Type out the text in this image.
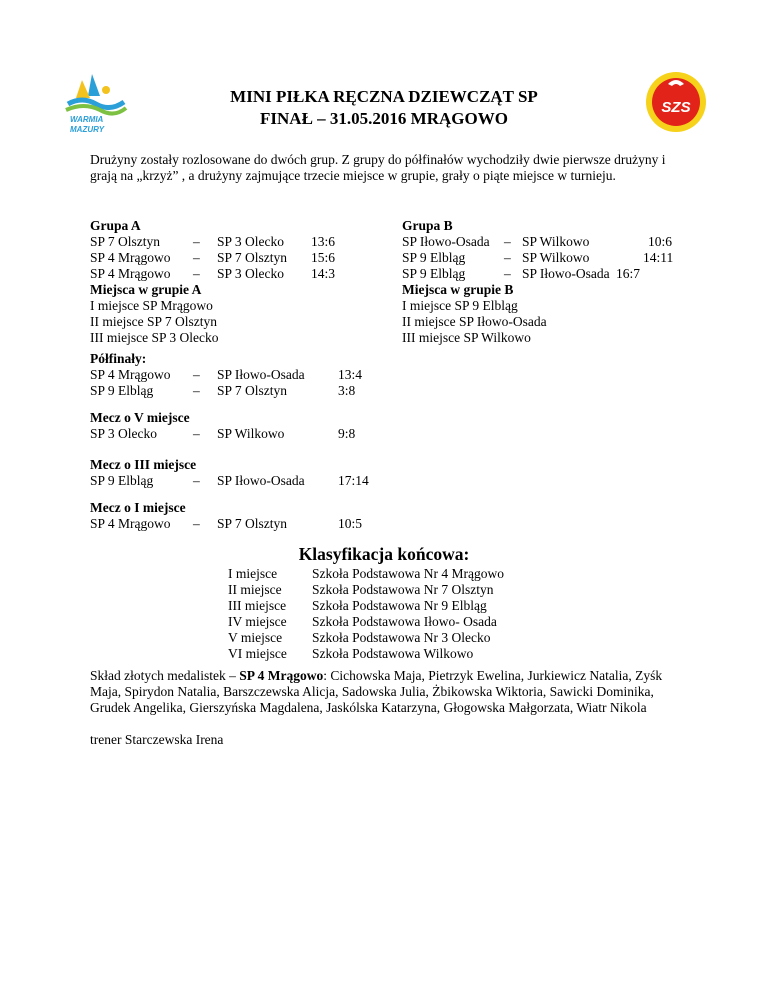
WARMIA
MAZURY
SZS
MINI PIŁKA RĘCZNA DZIEWCZĄT SP
FINAŁ – 31.05.2016 MRĄGOWO
Drużyny zostały rozlosowane do dwóch grup. Z grupy do półfinałów wychodziły dwie pierwsze drużyny i grają na „krzyż” , a drużyny zajmujące trzecie miejsce w grupie, grały o piąte miejsce w turnieju.
Grupa A
SP 7 Olsztyn – SP 3 Olecko 13:6
SP 4 Mrągowo – SP 7 Olsztyn 15:6
SP 4 Mrągowo – SP 3 Olecko 14:3
Miejsca w grupie A
I miejsce SP Mrągowo
II miejsce SP 7 Olsztyn
III miejsce SP 3 Olecko
Grupa B
SP Iłowo-Osada – SP Wilkowo	10:6
SP 9 Elbląg	– SP Wilkowo	14:11
SP 9 Elbląg	– SP Iłowo-Osada 16:7
Miejsca w grupie B
I miejsce SP 9 Elbląg
II miejsce SP Iłowo-Osada
III miejsce SP Wilkowo
Półfinały:
SP 4 Mrągowo – SP Iłowo-Osada 13:4
SP 9 Elbląg	– SP 7 Olsztyn	3:8
Mecz o V miejsce
SP 3 Olecko	– SP Wilkowo	9:8
Mecz o III miejsce
SP 9 Elbląg	– SP Iłowo-Osada 17:14
Mecz o I miejsce
SP 4 Mrągowo – SP 7 Olsztyn	10:5
Klasyfikacja końcowa:
I miejsce	Szkoła Podstawowa Nr 4 Mrągowo
II miejsce Szkoła Podstawowa Nr 7 Olsztyn
III miejsce Szkoła Podstawowa Nr 9 Elbląg
IV miejsce Szkoła Podstawowa Iłowo- Osada
V miejsce Szkoła Podstawowa Nr 3 Olecko
VI miejsce Szkoła Podstawowa Wilkowo
Skład złotych medalistek – SP 4 Mrągowo: Cichowska Maja, Pietrzyk Ewelina, Jurkiewicz Natalia, Zyśk Maja, Spirydon Natalia, Barszczewska Alicja, Sadowska Julia, Żbikowska Wiktoria, Sawicki Dominika, Grudek Angelika, Gierszyńska Magdalena, Jaskólska Katarzyna, Głogowska Małgorzata, Wiatr Nikola
trener Starczewska Irena
